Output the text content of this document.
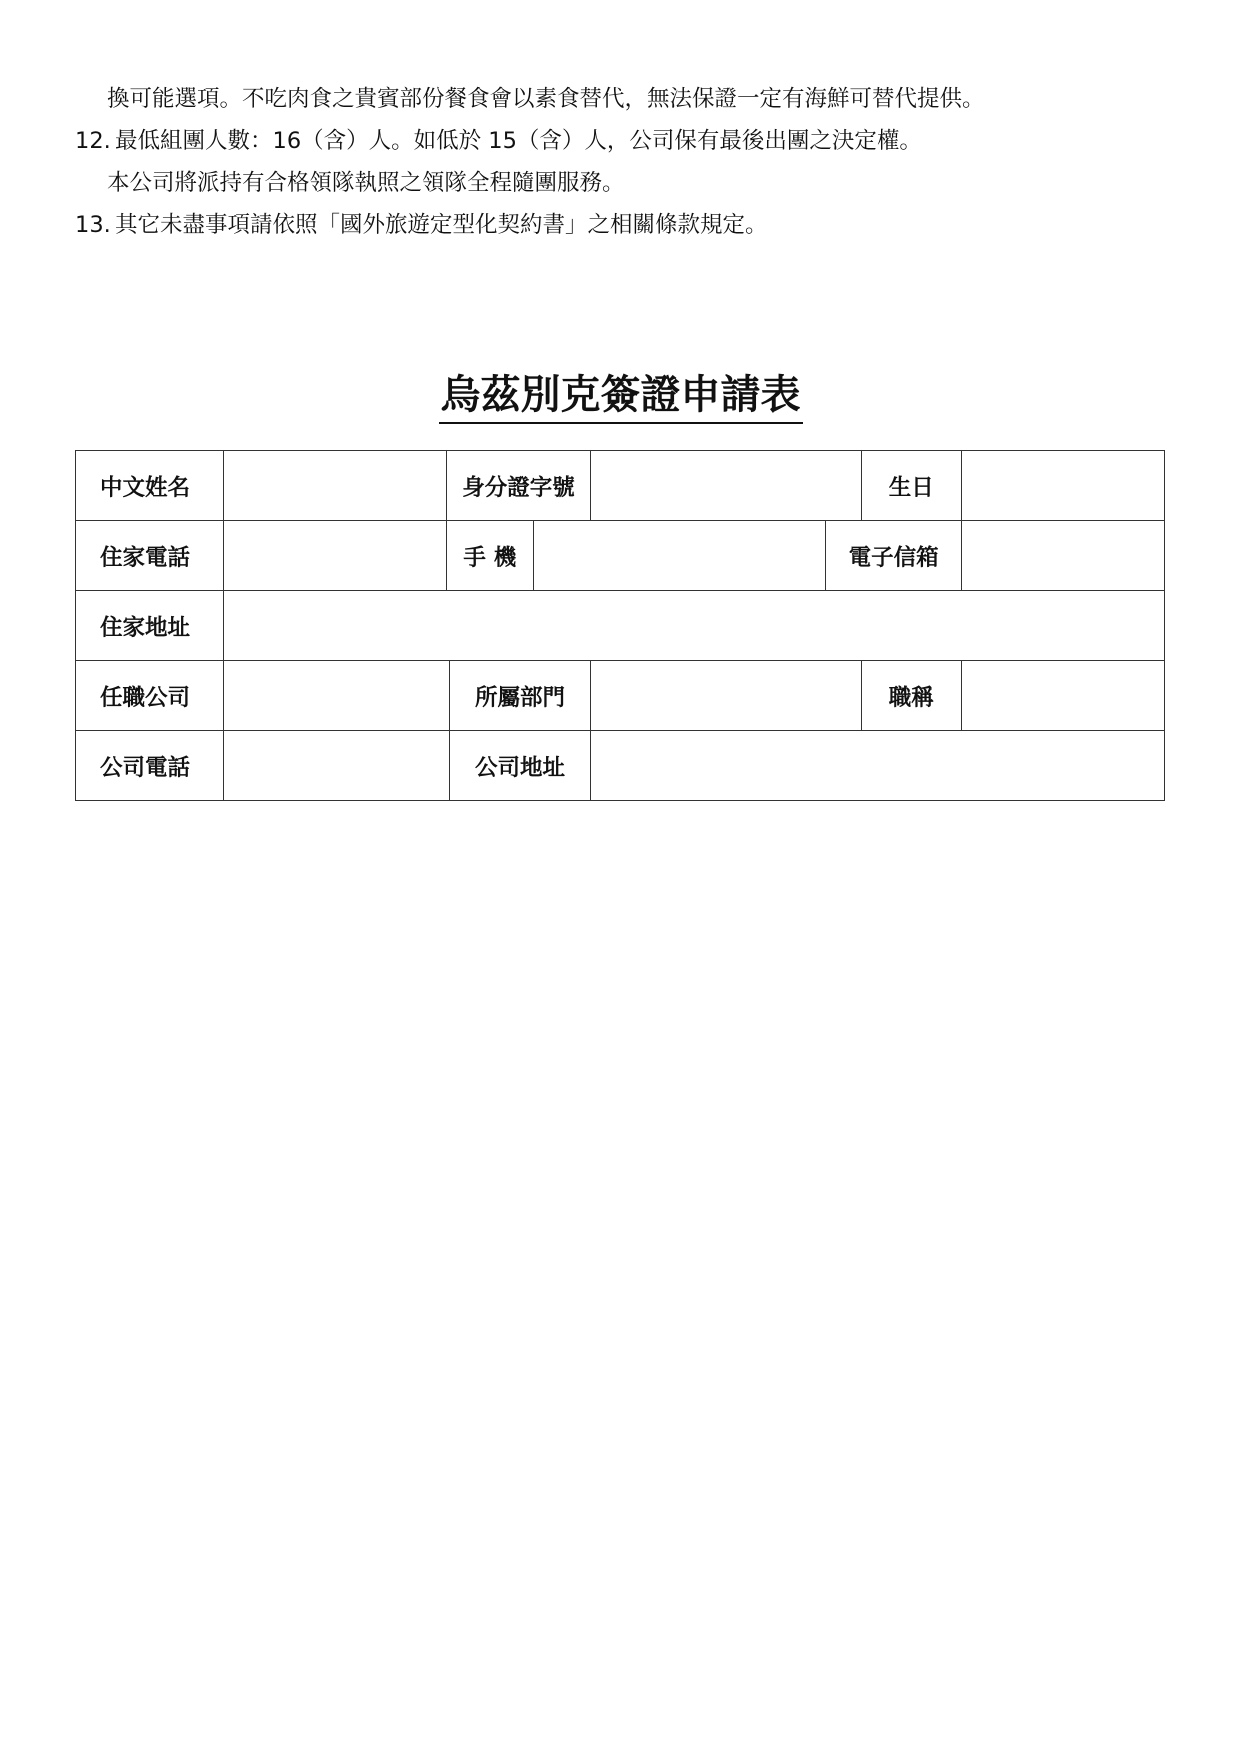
換可能選項。不吃肉食之貴賓部份餐食會以素食替代，無法保證一定有海鮮可替代提供。

12. 最低組團人數：16（含）人。如低於 15（含）人，公司保有最後出團之決定權。

本公司將派持有合格領隊執照之領隊全程隨團服務。

13. 其它未盡事項請依照「國外旅遊定型化契約書」之相關條款規定。

烏茲別克簽證申請表
中文姓名		身分證字號					生日	
住家電話		手 機				電子信箱		
住家地址								
任職公司			所屬部門				職稱	
公司電話			公司地址					
